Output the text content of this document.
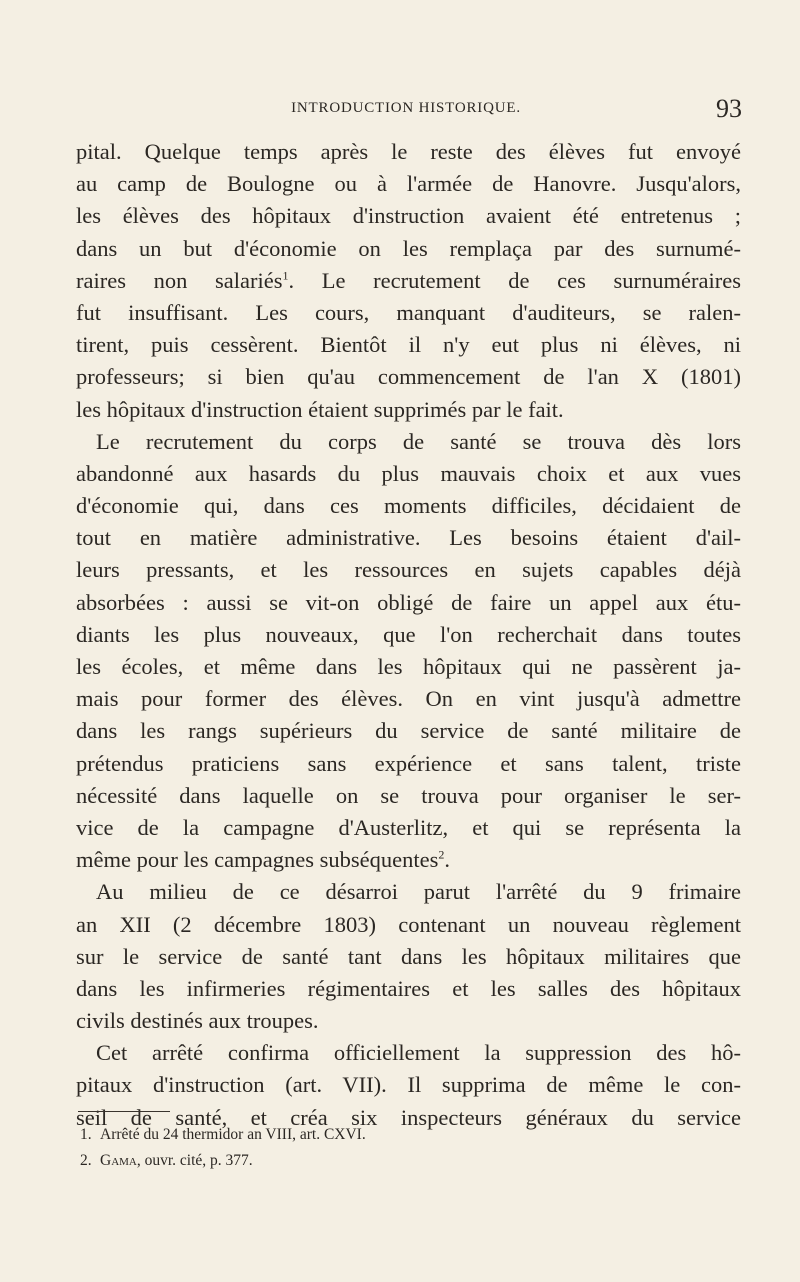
INTRODUCTION HISTORIQUE.	93
pital. Quelque temps après le reste des élèves fut envoyé
au camp de Boulogne ou à l'armée de Hanovre. Jusqu'alors,
les élèves des hôpitaux d'instruction avaient été entretenus ;
dans un but d'économie on les remplaça par des surnumé-
raires non salariés$^1$. Le recrutement de ces surnuméraires
fut insuffisant. Les cours, manquant d'auditeurs, se ralen-
tirent, puis cessèrent. Bientôt il n'y eut plus ni élèves, ni
professeurs; si bien qu'au commencement de l'an X (1801)
les hôpitaux d'instruction étaient supprimés par le fait.
Le recrutement du corps de santé se trouva dès lors
abandonné aux hasards du plus mauvais choix et aux vues
d'économie qui, dans ces moments difficiles, décidaient de
tout en matière administrative. Les besoins étaient d'ail-
leurs pressants, et les ressources en sujets capables déjà
absorbées : aussi se vit-on obligé de faire un appel aux étu-
diants les plus nouveaux, que l'on recherchait dans toutes
les écoles, et même dans les hôpitaux qui ne passèrent ja-
mais pour former des élèves. On en vint jusqu'à admettre
dans les rangs supérieurs du service de santé militaire de
prétendus praticiens sans expérience et sans talent, triste
nécessité dans laquelle on se trouva pour organiser le ser-
vice de la campagne d'Austerlitz, et qui se représenta la
même pour les campagnes subséquentes$^2$.
Au milieu de ce désarroi parut l'arrêté du 9 frimaire
an XII (2 décembre 1803) contenant un nouveau règlement
sur le service de santé tant dans les hôpitaux militaires que
dans les infirmeries régimentaires et les salles des hôpitaux
civils destinés aux troupes.
Cet arrêté confirma officiellement la suppression des hô-
pitaux d'instruction (art. VII). Il supprima de même le con-
seil de santé, et créa six inspecteurs généraux du service
1. Arrêté du 24 thermidor an VIII, art. CXVI.
2. Gama, ouvr. cité, p. 377.
